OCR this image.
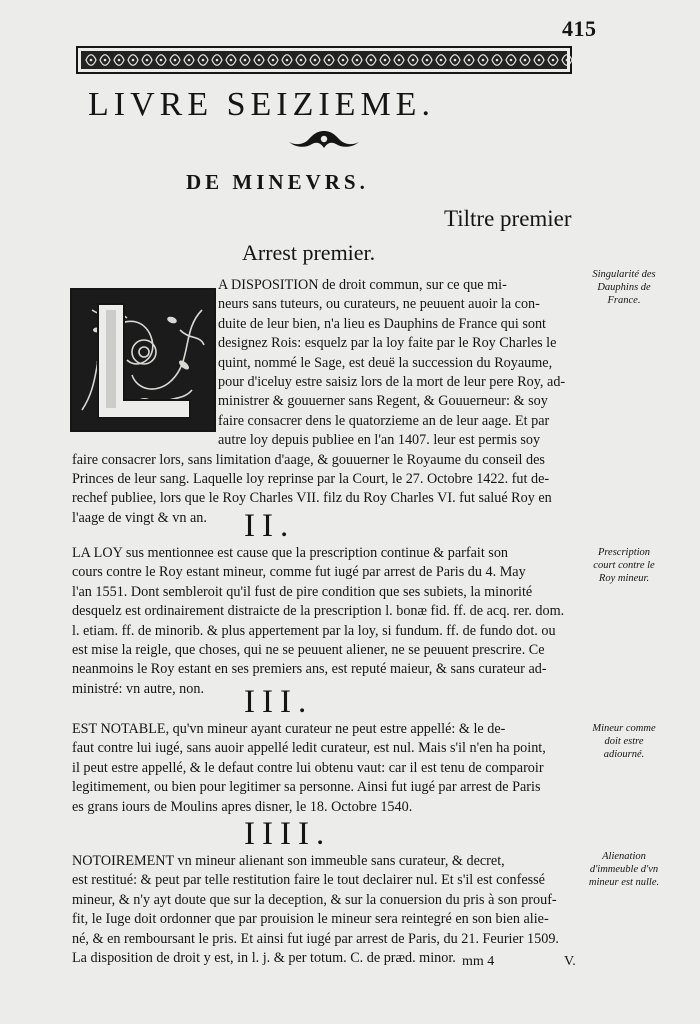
415
LIVRE SEIZIEME.
DE MINEVRS.
Tiltre premier
Arrest premier.
A DISPOSITION de droit commun, sur ce que mi-
neurs sans tuteurs, ou curateurs, ne peuuent auoir la con-
duite de leur bien, n'a lieu es Dauphins de France qui sont
designez Rois: esquelz par la loy faite par le Roy Charles le
quint, nommé le Sage, est deuë la succession du Royaume,
pour d'iceluy estre saisiz lors de la mort de leur pere Roy, ad-
ministrer & gouuerner sans Regent, & Gouuerneur: & soy
faire consacrer dens le quatorzieme an de leur aage. Et par
autre loy depuis publiee en l'an 1407. leur est permis soy
faire consacrer lors, sans limitation d'aage, & gouuerner le Royaume du conseil des
Princes de leur sang. Laquelle loy reprinse par la Court, le 27. Octobre 1422. fut de-
rechef publiee, lors que le Roy Charles VII. filz du Roy Charles VI. fut salué Roy en
l'aage de vingt & vn an.
Singularité des Dauphins de France.
II.
LA LOY sus mentionnee est cause que la prescription continue & parfait son
cours contre le Roy estant mineur, comme fut iugé par arrest de Paris du 4. May
l'an 1551. Dont sembleroit qu'il fust de pire condition que ses subiets, la minorité
desquelz est ordinairement distraicte de la prescription l. bonæ fid. ff. de acq. rer. dom.
l. etiam. ff. de minorib. & plus appertement par la loy, si fundum. ff. de fundo dot. ou
est mise la reigle, que choses, qui ne se peuuent aliener, ne se peuuent prescrire. Ce
neanmoins le Roy estant en ses premiers ans, est reputé maieur, & sans curateur ad-
ministré: vn autre, non.
Prescription court contre le Roy mineur.
III.
EST NOTABLE, qu'vn mineur ayant curateur ne peut estre appellé: & le de-
faut contre lui iugé, sans auoir appellé ledit curateur, est nul. Mais s'il n'en ha point,
il peut estre appellé, & le defaut contre lui obtenu vaut: car il est tenu de comparoir
legitimement, ou bien pour legitimer sa personne. Ainsi fut iugé par arrest de Paris
es grans iours de Moulins apres disner, le 18. Octobre 1540.
Mineur comme doit estre adiourné.
IIII.
NOTOIREMENT vn mineur alienant son immeuble sans curateur, & decret,
est restitué: & peut par telle restitution faire le tout declairer nul. Et s'il est confessé
mineur, & n'y ayt doute que sur la deception, & sur la conuersion du pris à son prouf-
fit, le Iuge doit ordonner que par prouision le mineur sera reintegré en son bien alie-
né, & en remboursant le pris. Et ainsi fut iugé par arrest de Paris, du 21. Feurier 1509.
La disposition de droit y est, in l. j. & per totum. C. de præd. minor.
Alienation d'immeuble d'vn mineur est nulle.
mm 4	V.
